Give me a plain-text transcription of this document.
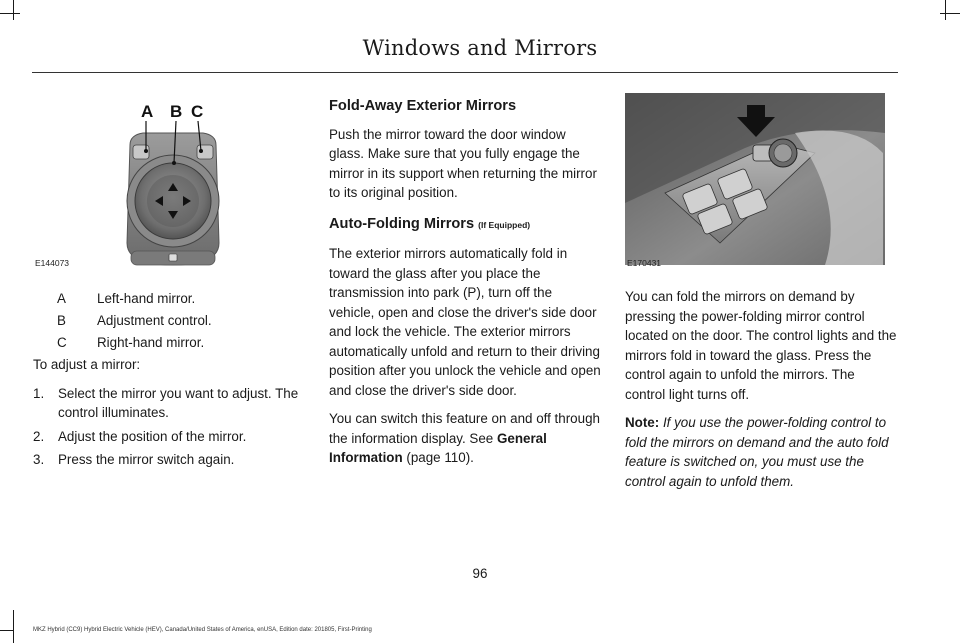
Windows and Mirrors
A B C
E144073
A	Left-hand mirror.
B	Adjustment control.
C	Right-hand mirror.

To adjust a mirror:

1.	Select the mirror you want to adjust. The control illuminates.
2.	Adjust the position of the mirror.
3.	Press the mirror switch again.
Fold-Away Exterior Mirrors

Push the mirror toward the door window glass. Make sure that you fully engage the mirror in its support when returning the mirror to its original position.

Auto-Folding Mirrors (If Equipped)

The exterior mirrors automatically fold in toward the glass after you place the transmission into park (P), turn off the vehicle, open and close the driver's side door and lock the vehicle. The exterior mirrors automatically unfold and return to their driving position after you unlock the vehicle and open and close the driver's side door.

You can switch this feature on and off through the information display. See General Information (page 110).

E170431

You can fold the mirrors on demand by pressing the power-folding mirror control located on the door. The control lights and the mirrors fold in toward the glass. Press the control again to unfold the mirrors. The control light turns off.

Note: If you use the power-folding control to fold the mirrors on demand and the auto fold feature is switched on, you must use the control again to unfold them.

96
MKZ Hybrid (CC9) Hybrid Electric Vehicle (HEV), Canada/United States of America, enUSA, Edition date: 201805, First-Printing
